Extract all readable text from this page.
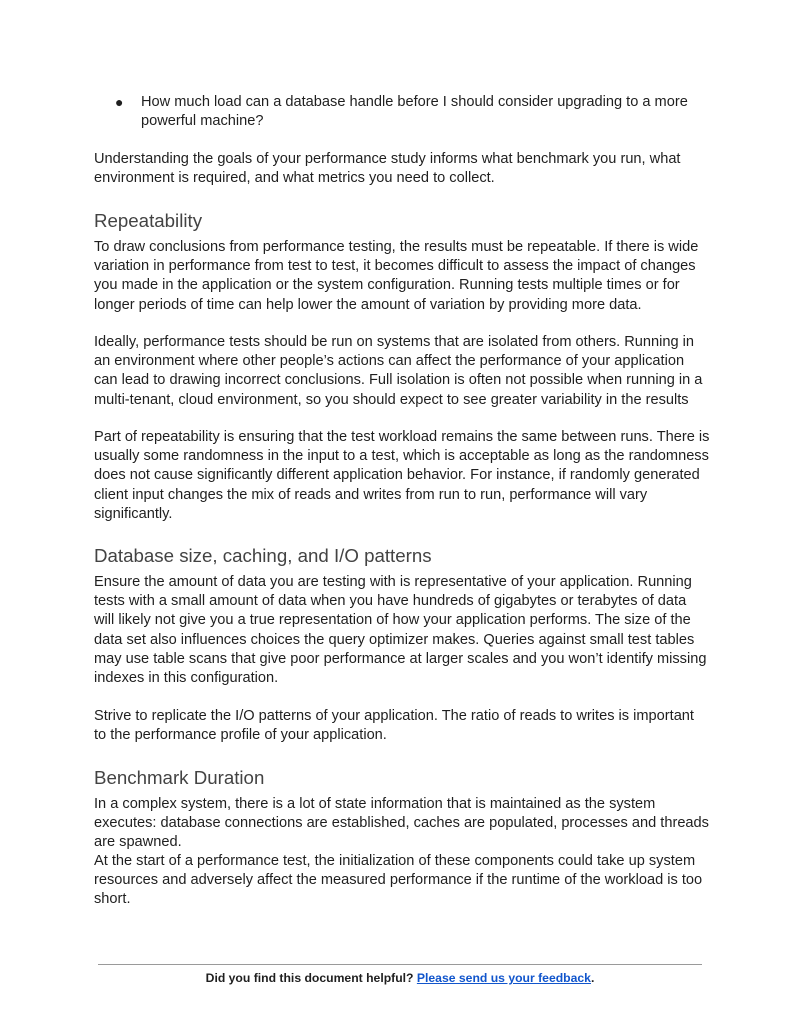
● How much load can a database handle before I should consider upgrading to a more powerful machine?

Understanding the goals of your performance study informs what benchmark you run, what environment is required, and what metrics you need to collect.

Repeatability

To draw conclusions from performance testing, the results must be repeatable. If there is wide variation in performance from test to test, it becomes difficult to assess the impact of changes you made in the application or the system configuration. Running tests multiple times or for longer periods of time can help lower the amount of variation by providing more data.

Ideally, performance tests should be run on systems that are isolated from others. Running in an environment where other people’s actions can affect the performance of your application can lead to drawing incorrect conclusions. Full isolation is often not possible when running in a multi-tenant, cloud environment, so you should expect to see greater variability in the results

Part of repeatability is ensuring that the test workload remains the same between runs. There is usually some randomness in the input to a test, which is acceptable as long as the randomness does not cause significantly different application behavior. For instance, if randomly generated client input changes the mix of reads and writes from run to run, performance will vary significantly.

Database size, caching, and I/O patterns

Ensure the amount of data you are testing with is representative of your application. Running tests with a small amount of data when you have hundreds of gigabytes or terabytes of data will likely not give you a true representation of how your application performs. The size of the data set also influences choices the query optimizer makes. Queries against small test tables may use table scans that give poor performance at larger scales and you won’t identify missing indexes in this configuration.

Strive to replicate the I/O patterns of your application. The ratio of reads to writes is important to the performance profile of your application.

Benchmark Duration

In a complex system, there is a lot of state information that is maintained as the system executes: database connections are established, caches are populated, processes and threads are spawned.

At the start of a performance test, the initialization of these components could take up system resources and adversely affect the measured performance if the runtime of the workload is too short.

Did you find this document helpful? Please send us your feedback.
